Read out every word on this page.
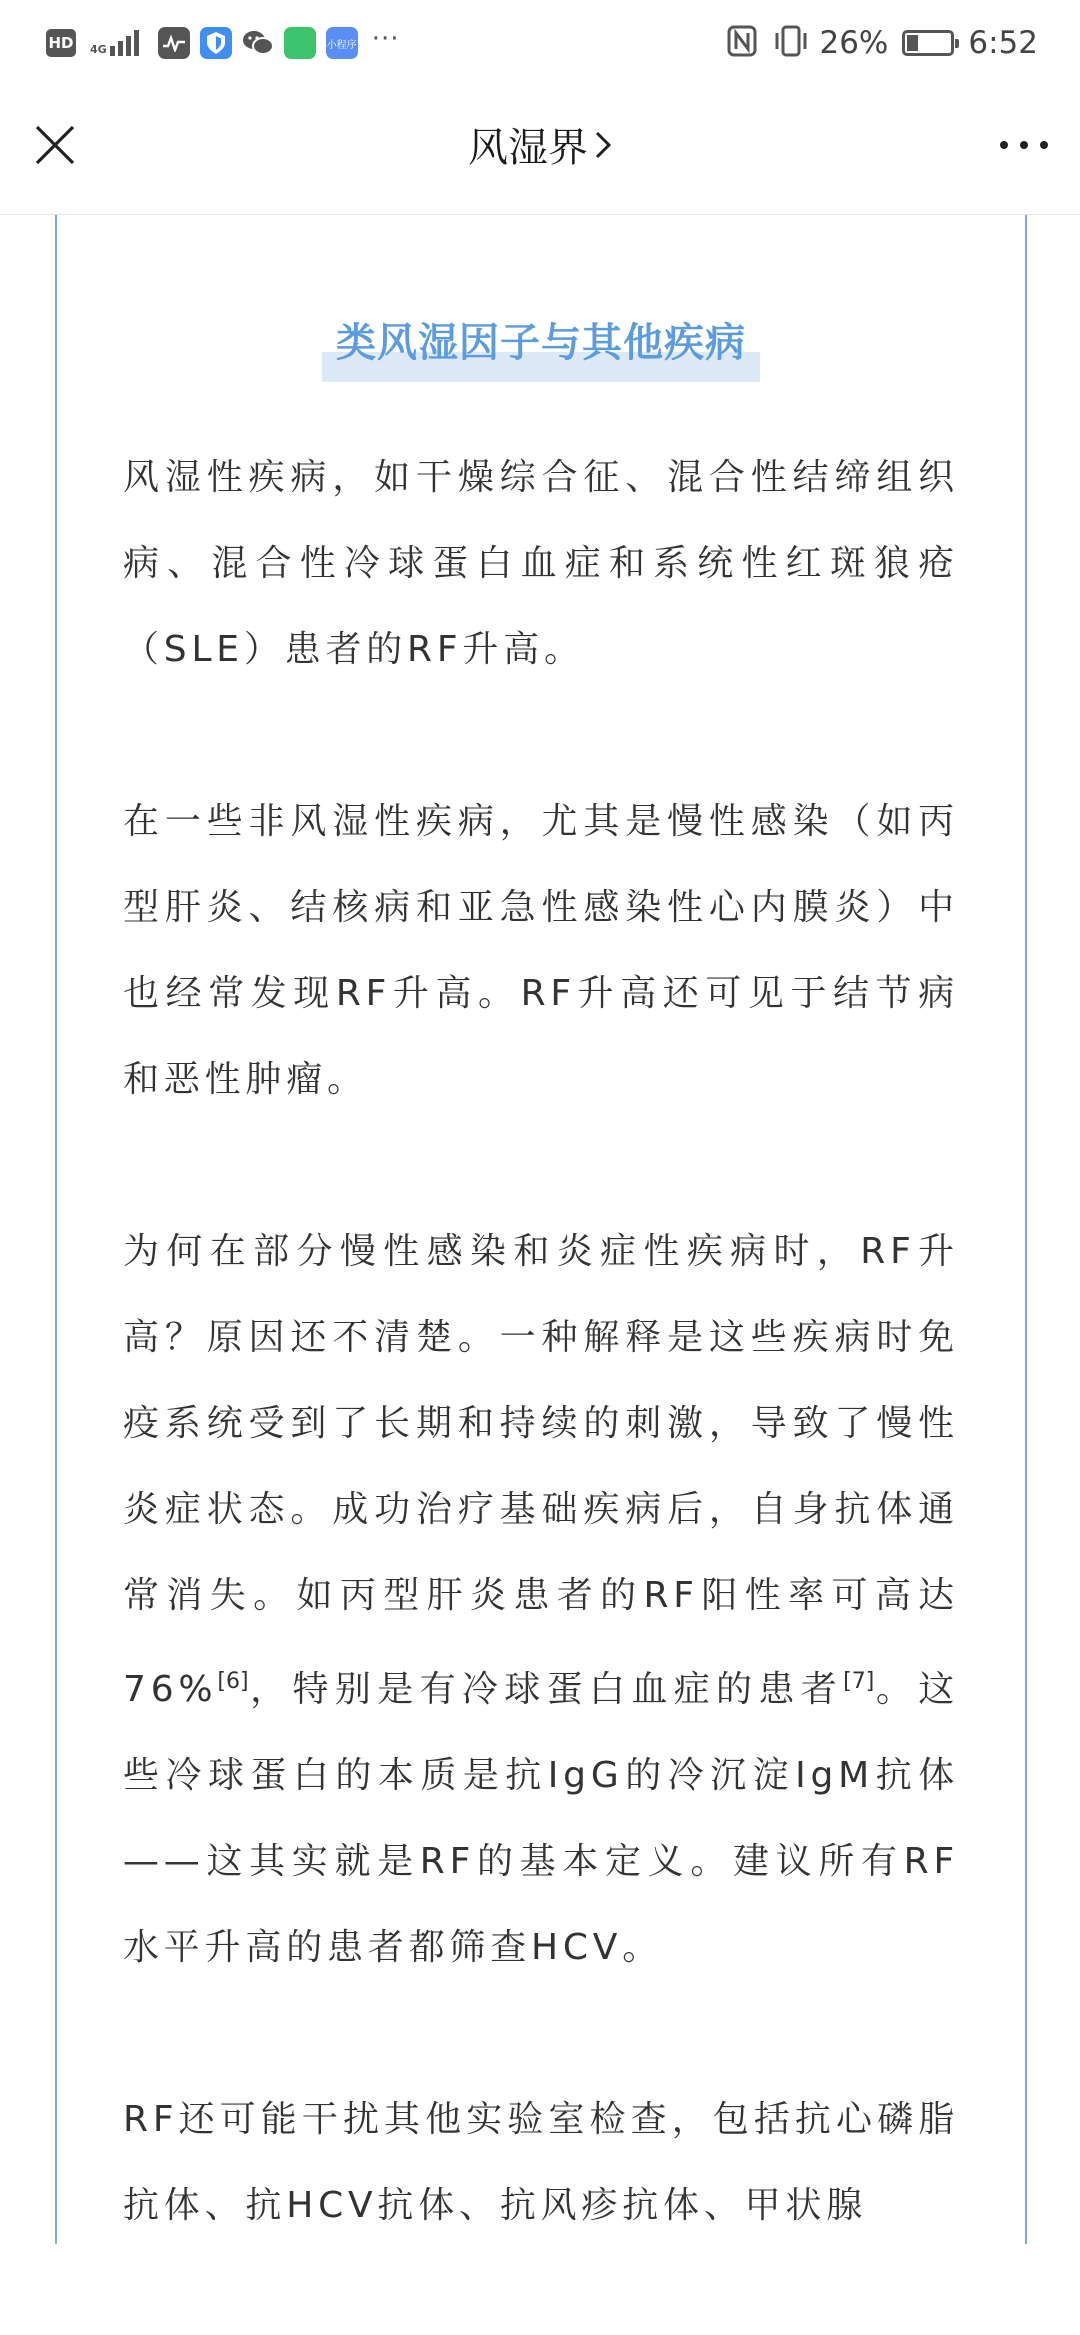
HD 4G	小程序 ···	26%	6:52
风湿界
类风湿因子与其他疾病

风湿性疾病，如干燥综合征、混合性结缔组织病、混合性冷球蛋白血症和系统性红斑狼疮（SLE）患者的RF升高。

在一些非风湿性疾病，尤其是慢性感染（如丙型肝炎、结核病和亚急性感染性心内膜炎）中也经常发现RF升高。RF升高还可见于结节病和恶性肿瘤。

为何在部分慢性感染和炎症性疾病时，RF升高？原因还不清楚。一种解释是这些疾病时免疫系统受到了长期和持续的刺激，导致了慢性炎症状态。成功治疗基础疾病后，自身抗体通常消失。如丙型肝炎患者的RF阳性率可高达76%[6]，特别是有冷球蛋白血症的患者[7]。这些冷球蛋白的本质是抗IgG的冷沉淀IgM抗体——这其实就是RF的基本定义。建议所有RF水平升高的患者都筛查HCV。

RF还可能干扰其他实验室检查，包括抗心磷脂抗体、抗HCV抗体、抗风疹抗体、甲状腺
